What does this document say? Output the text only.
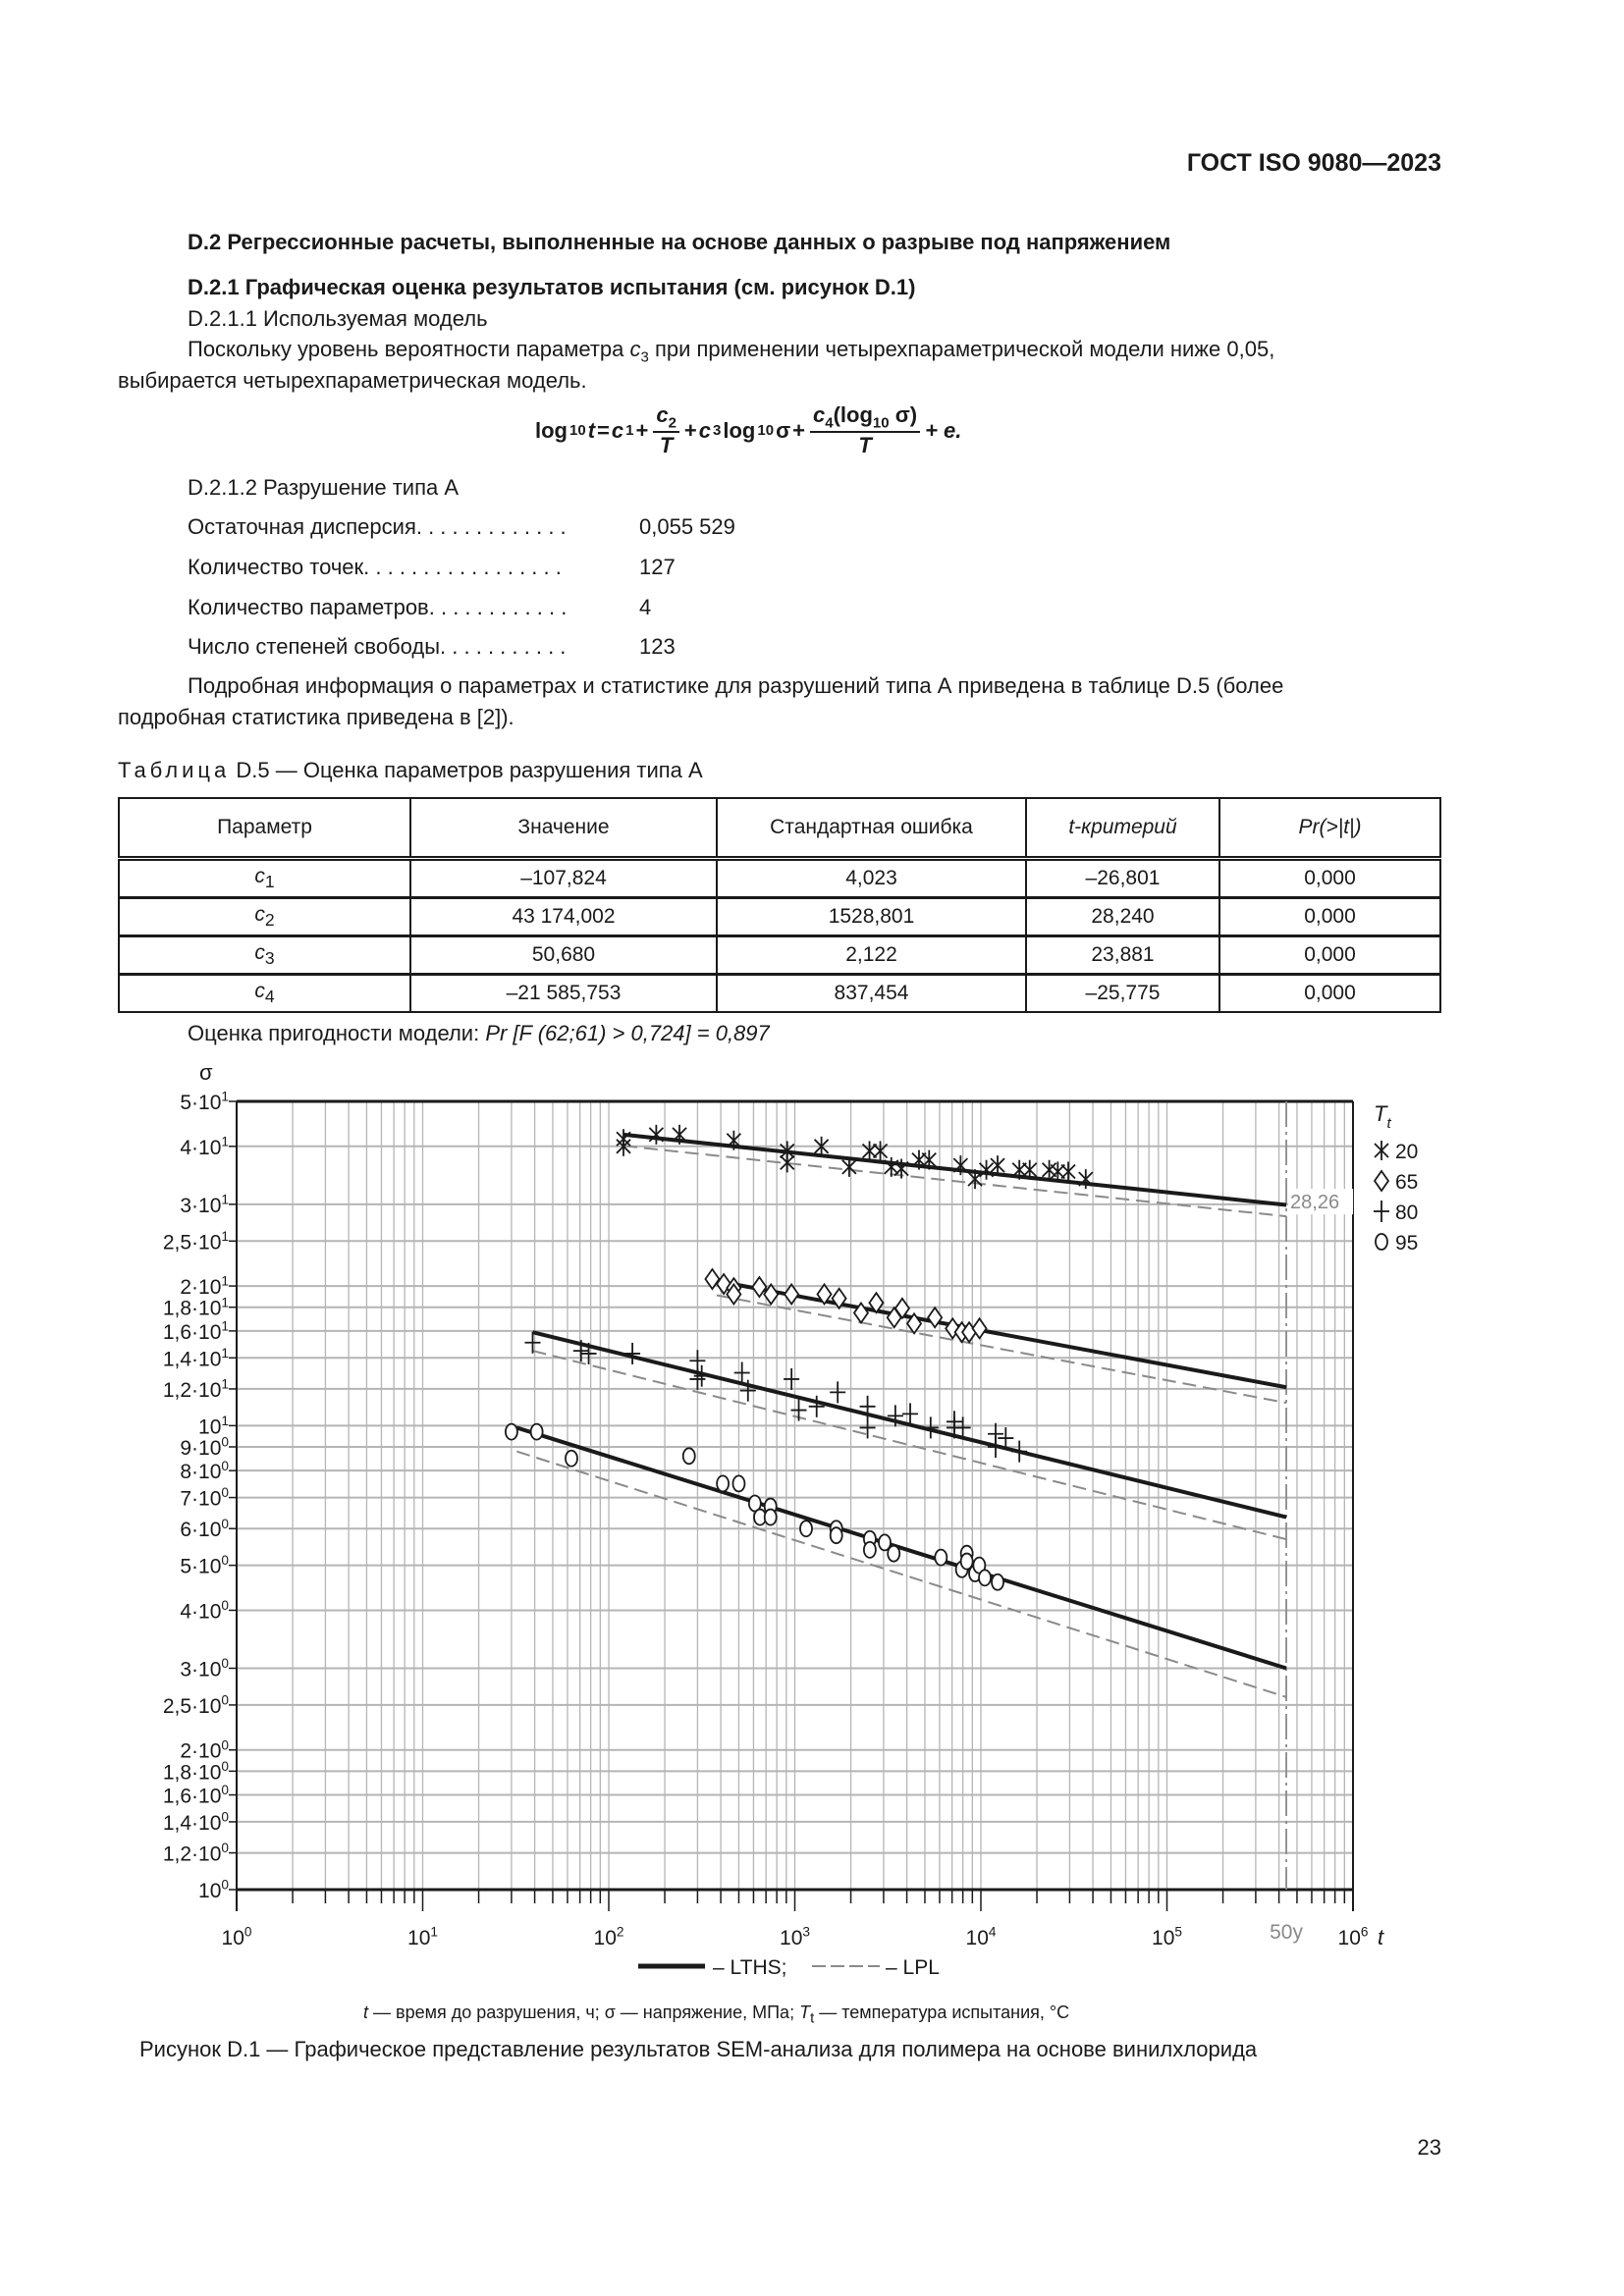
ГОСТ ISO 9080—2023
D.2 Регрессионные расчеты, выполненные на основе данных о разрыве под напряжением
D.2.1 Графическая оценка результатов испытания (см. рисунок D.1)
D.2.1.1 Используемая модель
Поскольку уровень вероятности параметра $c_3$ при применении четырехпараметрической модели ниже 0,05,
выбирается четырехпараметрическая модель.
log 10 t = c $1 + \frac{c_2}{T} + c$ 3 log 10 $\sigma + \frac{c_4(\log_{10} \sigma)}{T} + e$.
D.2.1.2 Разрушение типа А
Остаточная дисперсия. . . . . . . . . . . . .	0,055 529
Количество точек. . . . . . . . . . . . . . . . .	127
Количество параметров. . . . . . . . . . . .	4
Число степеней свободы. . . . . . . . . . .	123
Подробная информация о параметрах и статистике для разрушений типа А приведена в таблице D.5 (более
подробная статистика приведена в [2]).
Таблица D.5 — Оценка параметров разрушения типа А
Параметр	Значение	Стандартная ошибка	t-критерий	Pr(>|t|)
$c_1$	–107,824	4,023	–26,801	0,000
$c_2$	43 174,002	1528,801	28,240	0,000
$c_3$	50,680	2,122	23,881	0,000
$c_4$	–21 585,753	837,454	–25,775	0,000
Оценка пригодности модели: Pr [F (62;61) > 0,724] = 0,897
$5\cdot 10^1$
$4\cdot 10^1$
$3\cdot 10^1$
$2,5\cdot 10^1$
$2\cdot 10^1$
$1,8\cdot 10^1$
$1,6\cdot 10^1$
$1,4\cdot 10^1$
$1,2\cdot 10^1$
$10^1$
$9\cdot 10^0$
$8\cdot 10^0$
$7\cdot 10^0$
$6\cdot 10^0$
$5\cdot 10^0$
$4\cdot 10^0$
$3\cdot 10^0$
$2,5\cdot 10^0$
$2\cdot 10^0$
$1,8\cdot 10^0$
$1,6\cdot 10^0$
$1,4\cdot 10^0$
$1,2\cdot 10^0$
$10^0$
$10^0$	$10^1$	$10^2$	$10^3$	$10^4$	$10^5$	$10^6$
σ
t
50y
28,26
$T_t$
20
65
80
95
– LTHS;	– LPL
t — время до разрушения, ч; σ — напряжение, МПа; $T_t$ — температура испытания, °С
Рисунок D.1 — Графическое представление результатов SEM-анализа для полимера на основе винилхлорида
23
